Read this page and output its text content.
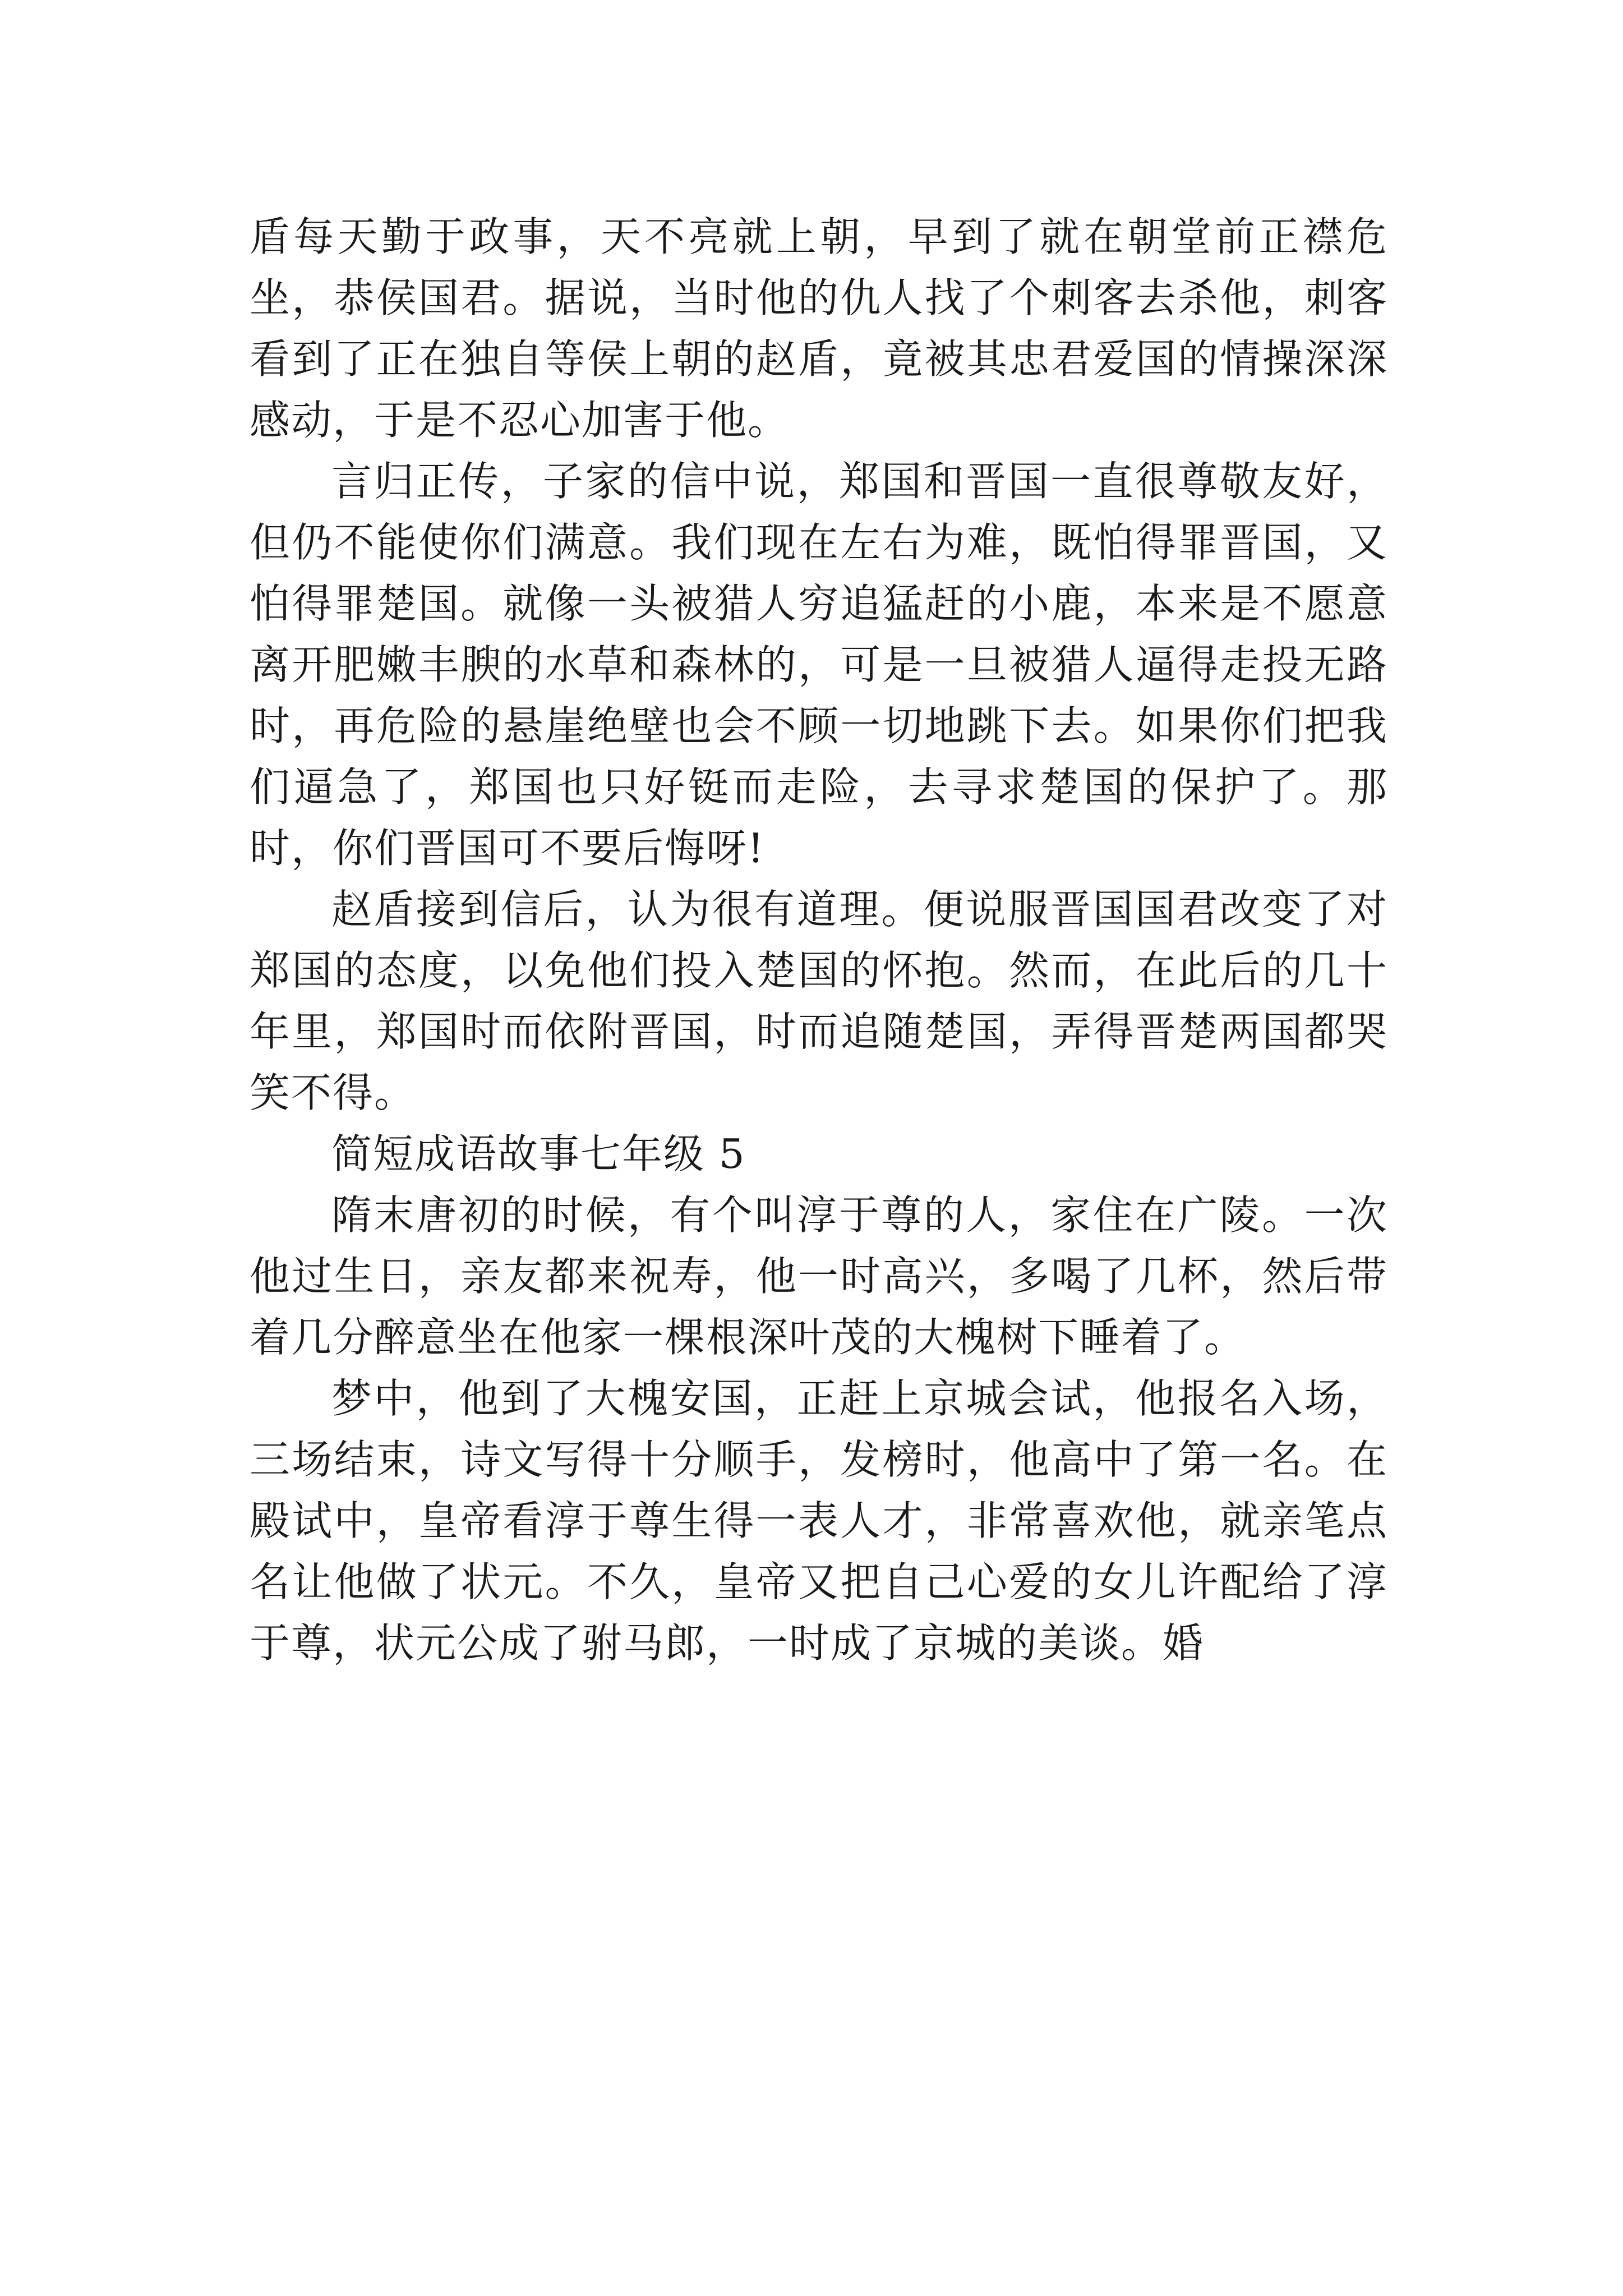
盾每天勤于政事，天不亮就上朝，早到了就在朝堂前正襟危坐，恭侯国君。据说，当时他的仇人找了个刺客去杀他，刺客看到了正在独自等侯上朝的赵盾，竟被其忠君爱国的情操深深感动，于是不忍心加害于他。

言归正传，子家的信中说，郑国和晋国一直很尊敬友好，但仍不能使你们满意。我们现在左右为难，既怕得罪晋国，又怕得罪楚国。就像一头被猎人穷追猛赶的小鹿，本来是不愿意离开肥嫩丰腴的水草和森林的，可是一旦被猎人逼得走投无路时，再危险的悬崖绝壁也会不顾一切地跳下去。如果你们把我们逼急了，郑国也只好铤而走险，去寻求楚国的保护了。那时，你们晋国可不要后悔呀!

赵盾接到信后，认为很有道理。便说服晋国国君改变了对郑国的态度，以免他们投入楚国的怀抱。然而，在此后的几十年里，郑国时而依附晋国，时而追随楚国，弄得晋楚两国都哭笑不得。

简短成语故事七年级 5

隋末唐初的时候，有个叫淳于尊的人，家住在广陵。一次他过生日，亲友都来祝寿，他一时高兴，多喝了几杯，然后带着几分醉意坐在他家一棵根深叶茂的大槐树下睡着了。

梦中，他到了大槐安国，正赶上京城会试，他报名入场，三场结束，诗文写得十分顺手，发榜时，他高中了第一名。在殿试中，皇帝看淳于尊生得一表人才，非常喜欢他，就亲笔点名让他做了状元。不久，皇帝又把自己心爱的女儿许配给了淳于尊，状元公成了驸马郎，一时成了京城的美谈。婚
